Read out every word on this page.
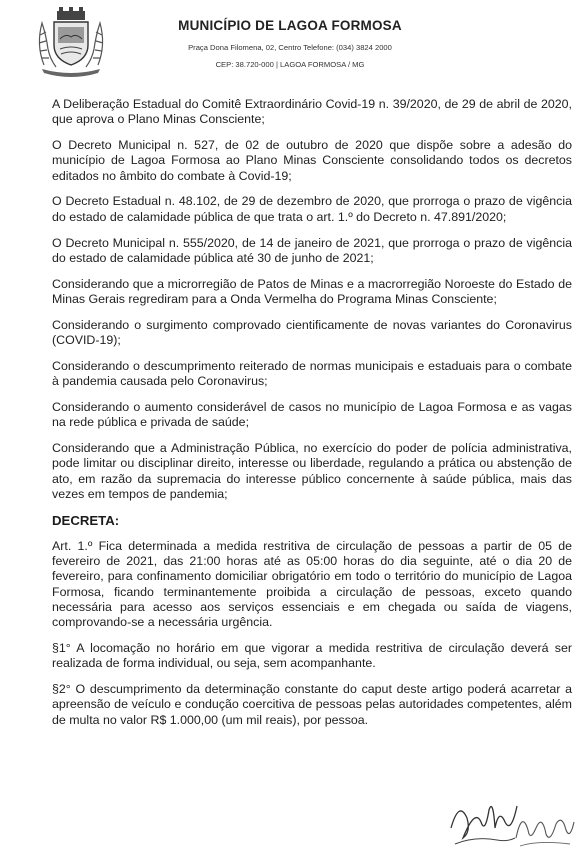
MUNICÍPIO DE LAGOA FORMOSA
Praça Dona Filomena, 02, Centro Telefone: (034) 3824 2000
CEP: 38.720-000 | LAGOA FORMOSA / MG

A Deliberação Estadual do Comitê Extraordinário Covid-19 n. 39/2020, de 29 de abril de 2020, que aprova o Plano Minas Consciente;

O Decreto Municipal n. 527, de 02 de outubro de 2020 que dispõe sobre a adesão do município de Lagoa Formosa ao Plano Minas Consciente consolidando todos os decretos editados no âmbito do combate à Covid-19;

O Decreto Estadual n. 48.102, de 29 de dezembro de 2020, que prorroga o prazo de vigência do estado de calamidade pública de que trata o art. 1.º do Decreto n. 47.891/2020;

O Decreto Municipal n. 555/2020, de 14 de janeiro de 2021, que prorroga o prazo de vigência do estado de calamidade pública até 30 de junho de 2021;

Considerando que a microrregião de Patos de Minas e a macrorregião Noroeste do Estado de Minas Gerais regrediram para a Onda Vermelha do Programa Minas Consciente;

Considerando o surgimento comprovado cientificamente de novas variantes do Coronavirus (COVID-19);

Considerando o descumprimento reiterado de normas municipais e estaduais para o combate à pandemia causada pelo Coronavirus;

Considerando o aumento considerável de casos no município de Lagoa Formosa e as vagas na rede pública e privada de saúde;

Considerando que a Administração Pública, no exercício do poder de polícia administrativa, pode limitar ou disciplinar direito, interesse ou liberdade, regulando a prática ou abstenção de ato, em razão da supremacia do interesse público concernente à saúde pública, mais das vezes em tempos de pandemia;

DECRETA:

Art. 1.º Fica determinada a medida restritiva de circulação de pessoas a partir de 05 de fevereiro de 2021, das 21:00 horas até as 05:00 horas do dia seguinte, até o dia 20 de fevereiro, para confinamento domiciliar obrigatório em todo o território do município de Lagoa Formosa, ficando terminantemente proibida a circulação de pessoas, exceto quando necessária para acesso aos serviços essenciais e em chegada ou saída de viagens, comprovando-se a necessária urgência.

§1° A locomação no horário em que vigorar a medida restritiva de circulação deverá ser realizada de forma individual, ou seja, sem acompanhante.

§2° O descumprimento da determinação constante do caput deste artigo poderá acarretar a apreensão de veículo e condução coercitiva de pessoas pelas autoridades competentes, além de multa no valor R$ 1.000,00 (um mil reais), por pessoa.
